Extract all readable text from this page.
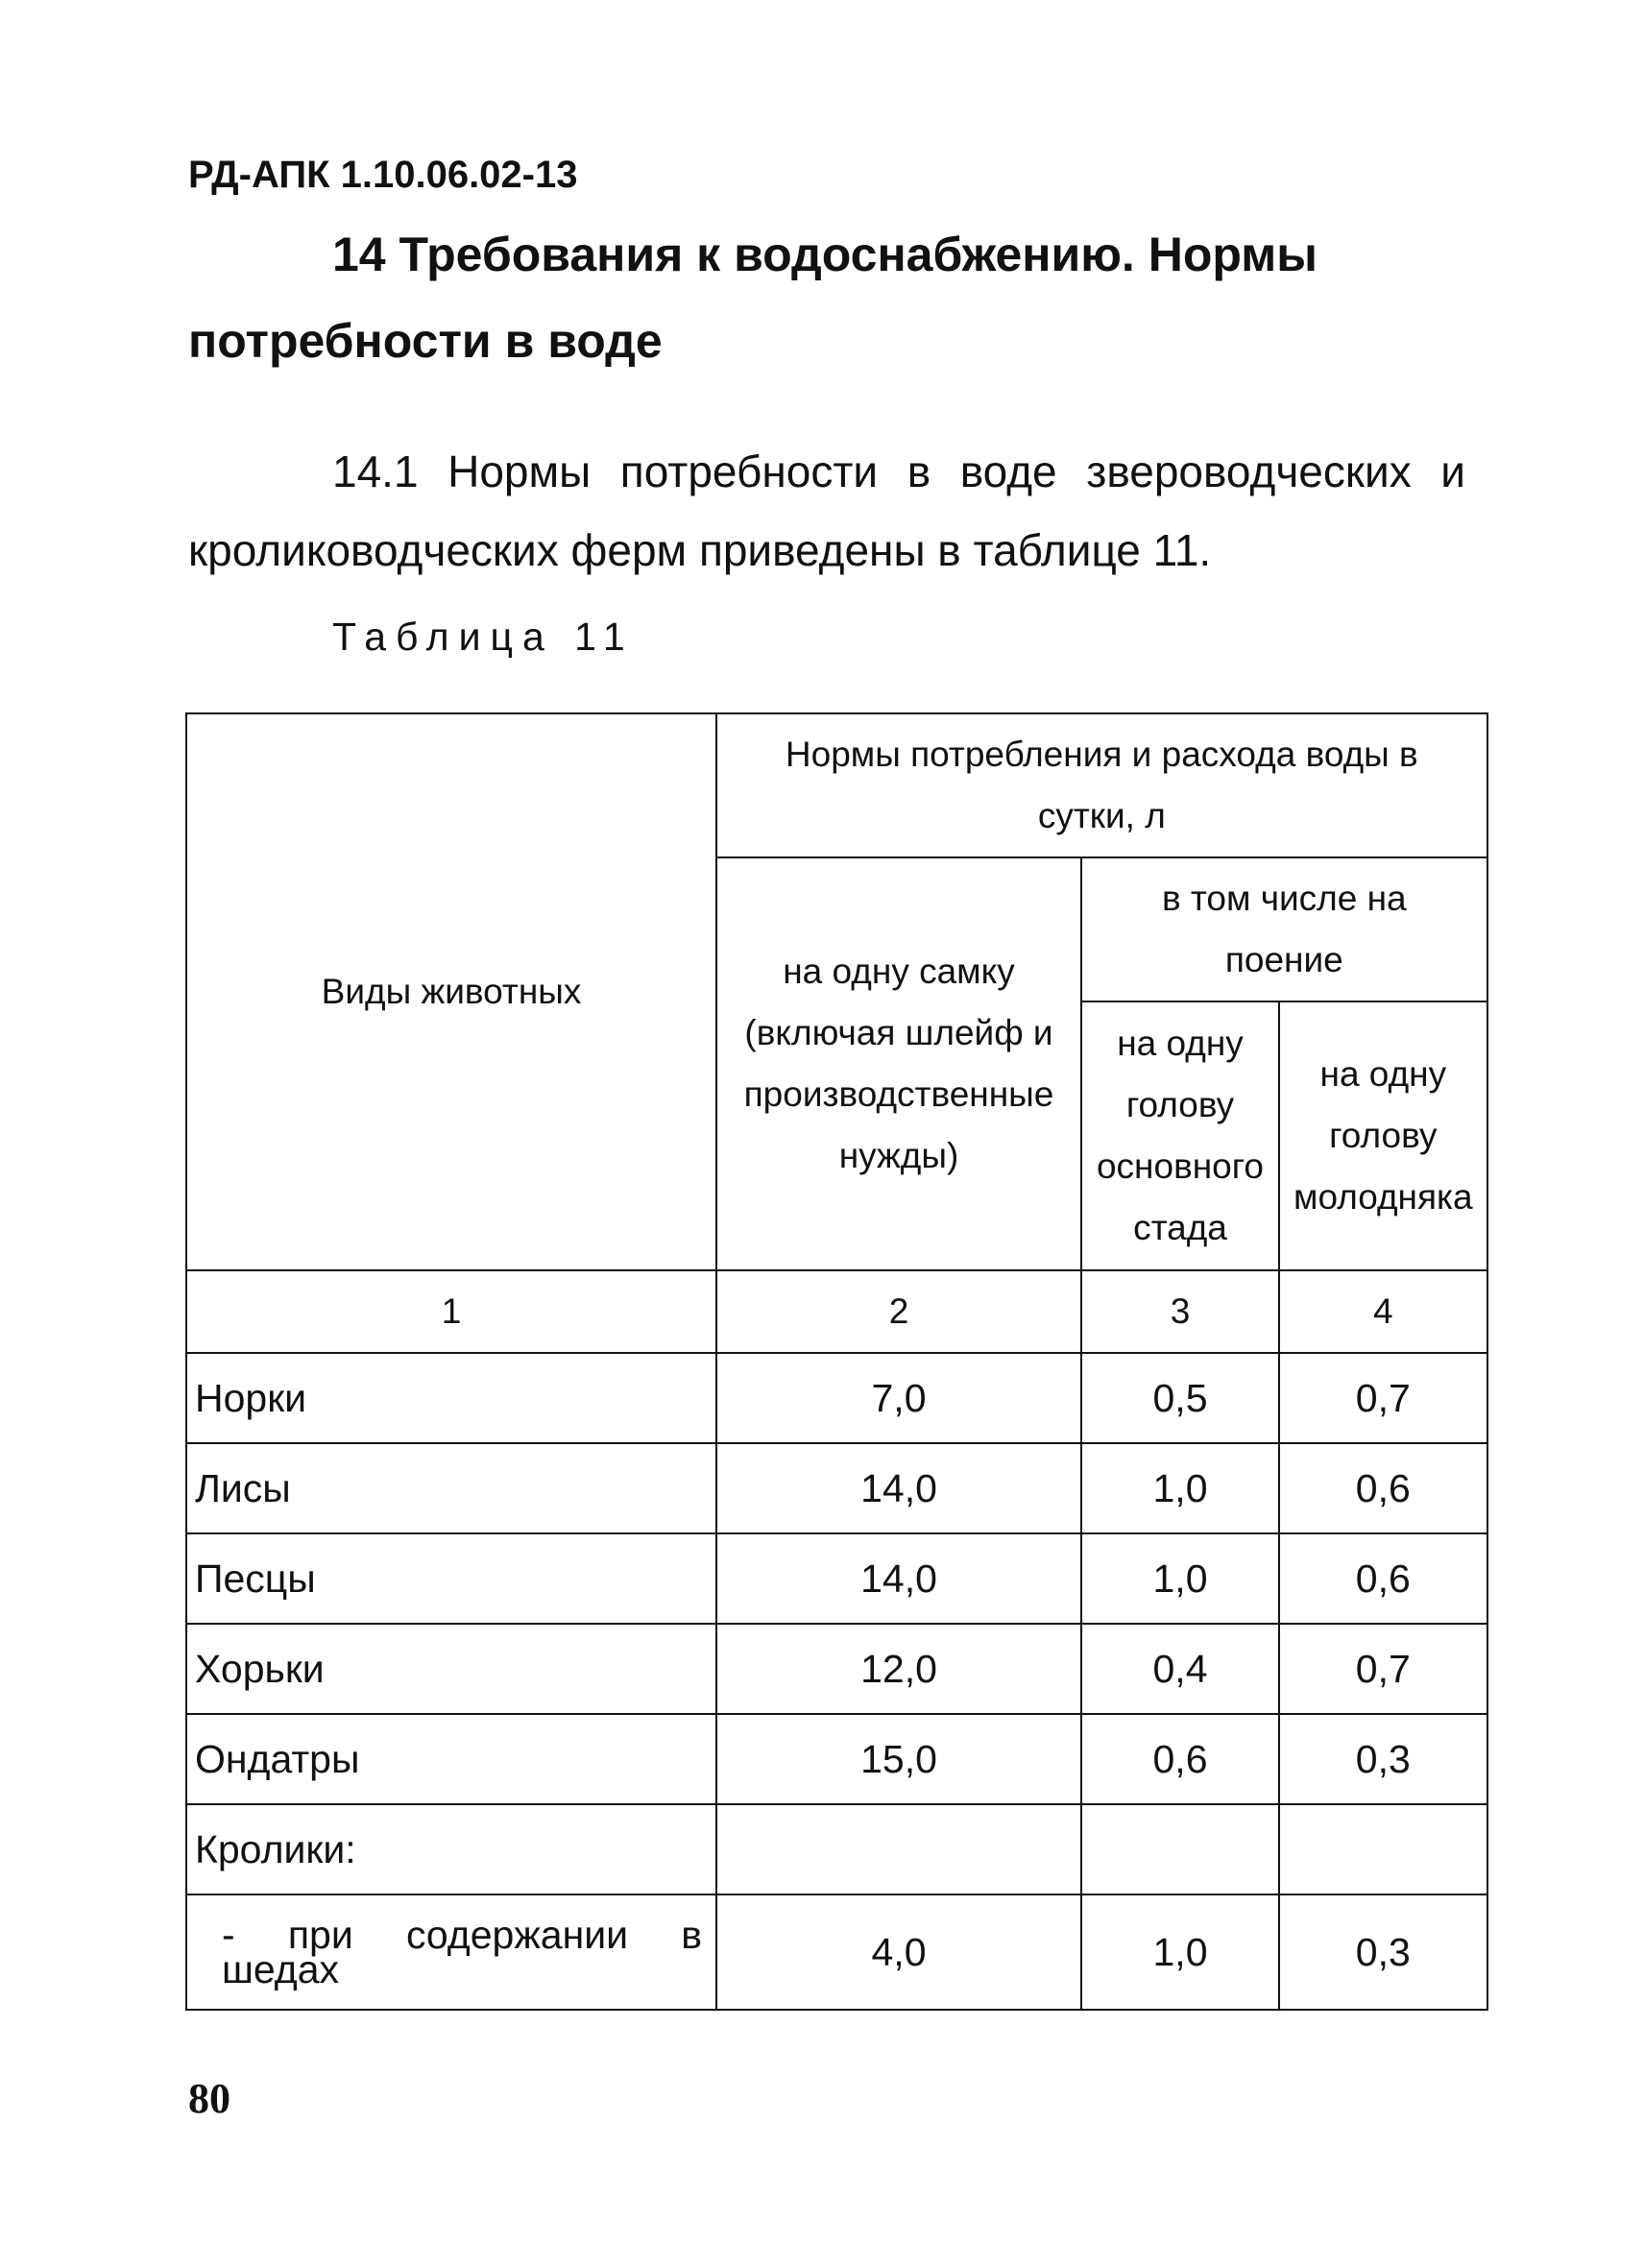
РД-АПК 1.10.06.02-13
14 Требования к водоснабжению. Нормы потребности в воде
14.1 Нормы потребности в воде звероводческих и кролиководческих ферм приведены в таблице 11.
Таблица 11
Виды животных	Нормы потребления и расхода воды в сутки, л		
	на одну самку (включая шлейф и производственные нужды)	в том числе на поение	
		на одну голову основного стада	на одну голову молодняка
1	2	3	4
Норки	7,0	0,5	0,7
Лисы	14,0	1,0	0,6
Песцы	14,0	1,0	0,6
Хорьки	12,0	0,4	0,7
Ондатры	15,0	0,6	0,3
Кролики:			
- при содержании в шедах	4,0	1,0	0,3
80
